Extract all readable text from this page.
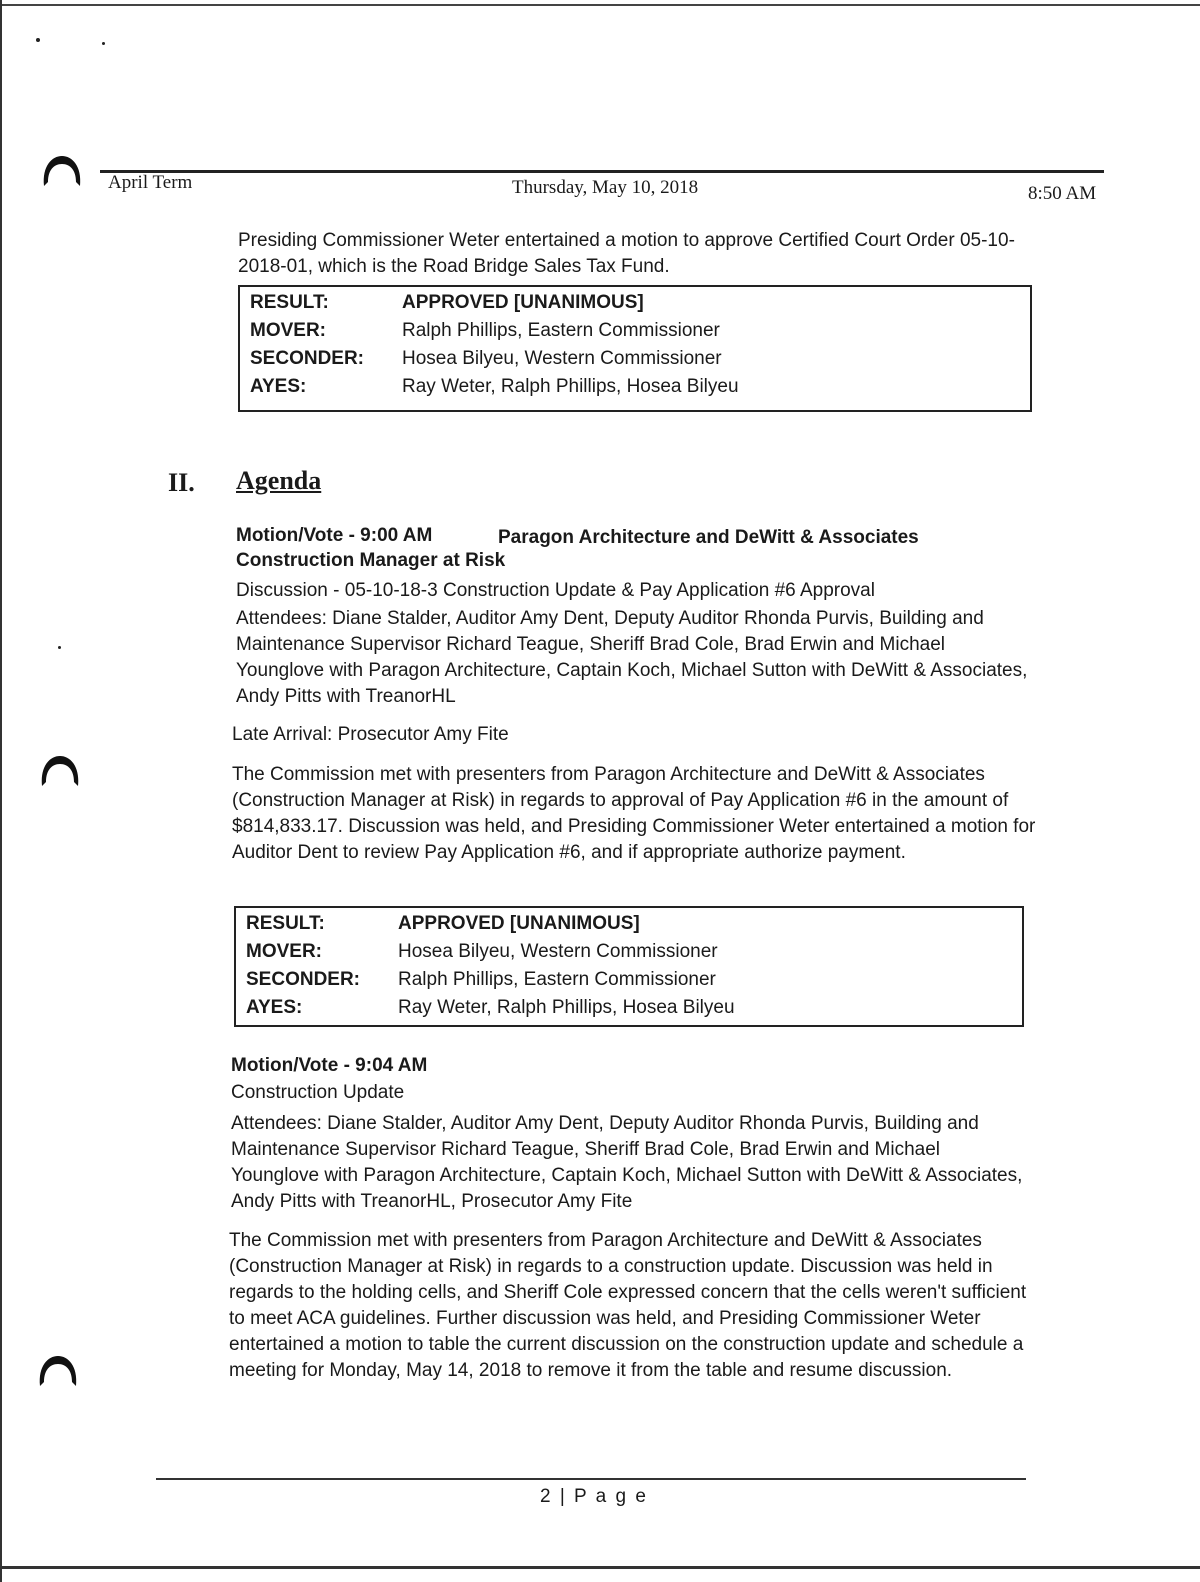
April Term	Thursday, May 10, 2018	8:50 AM
Presiding Commissioner Weter entertained a motion to approve Certified Court Order 05-10-2018-01, which is the Road Bridge Sales Tax Fund.
RESULT:	APPROVED [UNANIMOUS]
MOVER:	Ralph Phillips, Eastern Commissioner
SECONDER:	Hosea Bilyeu, Western Commissioner
AYES:	Ray Weter, Ralph Phillips, Hosea Bilyeu
II. Agenda
Motion/Vote - 9:00 AM	Paragon Architecture and DeWitt & Associates
Construction Manager at Risk
Discussion - 05-10-18-3 Construction Update & Pay Application #6 Approval
Attendees: Diane Stalder, Auditor Amy Dent, Deputy Auditor Rhonda Purvis, Building and Maintenance Supervisor Richard Teague, Sheriff Brad Cole, Brad Erwin and Michael Younglove with Paragon Architecture, Captain Koch, Michael Sutton with DeWitt & Associates, Andy Pitts with TreanorHL
Late Arrival: Prosecutor Amy Fite
The Commission met with presenters from Paragon Architecture and DeWitt & Associates (Construction Manager at Risk) in regards to approval of Pay Application #6 in the amount of $814,833.17. Discussion was held, and Presiding Commissioner Weter entertained a motion for Auditor Dent to review Pay Application #6, and if appropriate authorize payment.
RESULT:	APPROVED [UNANIMOUS]
MOVER:	Hosea Bilyeu, Western Commissioner
SECONDER:	Ralph Phillips, Eastern Commissioner
AYES:	Ray Weter, Ralph Phillips, Hosea Bilyeu
Motion/Vote - 9:04 AM
Construction Update
Attendees: Diane Stalder, Auditor Amy Dent, Deputy Auditor Rhonda Purvis, Building and Maintenance Supervisor Richard Teague, Sheriff Brad Cole, Brad Erwin and Michael Younglove with Paragon Architecture, Captain Koch, Michael Sutton with DeWitt & Associates, Andy Pitts with TreanorHL, Prosecutor Amy Fite
The Commission met with presenters from Paragon Architecture and DeWitt & Associates (Construction Manager at Risk) in regards to a construction update. Discussion was held in regards to the holding cells, and Sheriff Cole expressed concern that the cells weren't sufficient to meet ACA guidelines. Further discussion was held, and Presiding Commissioner Weter entertained a motion to table the current discussion on the construction update and schedule a meeting for Monday, May 14, 2018 to remove it from the table and resume discussion.
2 | P a g e
